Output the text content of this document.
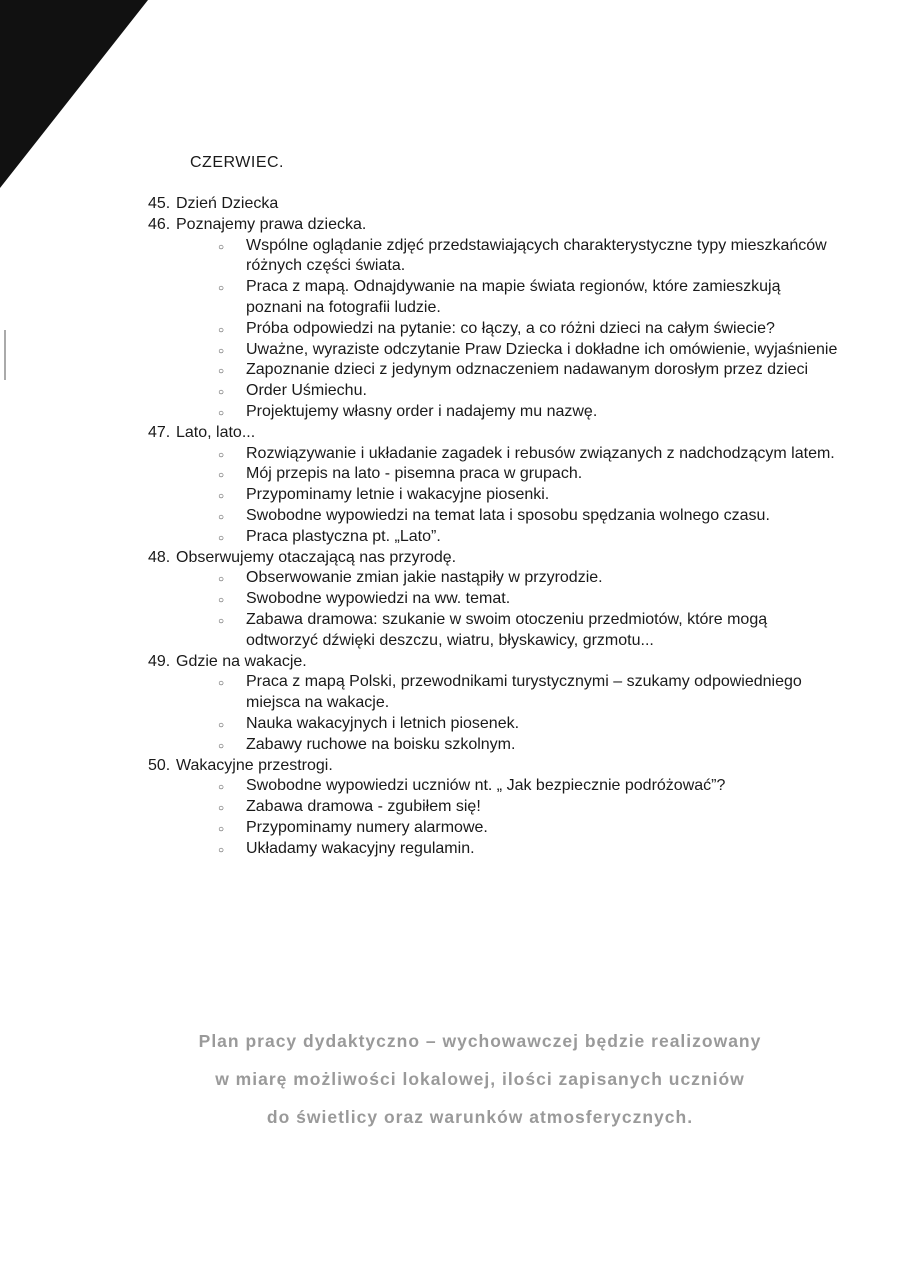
CZERWIEC.
45. Dzień Dziecka
46. Poznajemy prawa dziecka.
○ Wspólne oglądanie zdjęć przedstawiających charakterystyczne typy mieszkańców różnych części świata.
○ Praca z mapą. Odnajdywanie na mapie świata regionów, które zamieszkują poznani na fotografii ludzie.
○ Próba odpowiedzi na pytanie: co łączy, a co różni dzieci na całym świecie?
○ Uważne, wyraziste odczytanie Praw Dziecka i dokładne ich omówienie, wyjaśnienie
○ Zapoznanie dzieci z jedynym odznaczeniem nadawanym dorosłym przez dzieci
○ Order Uśmiechu.
○ Projektujemy własny order i nadajemy mu nazwę.
47. Lato, lato...
○ Rozwiązywanie i układanie zagadek i rebusów związanych z nadchodzącym latem.
○ Mój przepis na lato - pisemna praca w grupach.
○ Przypominamy letnie i wakacyjne piosenki.
○ Swobodne wypowiedzi na temat lata i sposobu spędzania wolnego czasu.
○ Praca plastyczna pt. „Lato”.
48. Obserwujemy otaczającą nas przyrodę.
○ Obserwowanie zmian jakie nastąpiły w przyrodzie.
○ Swobodne wypowiedzi na ww. temat.
○ Zabawa dramowa: szukanie w swoim otoczeniu przedmiotów, które mogą odtworzyć dźwięki deszczu, wiatru, błyskawicy, grzmotu...
49. Gdzie na wakacje.
○ Praca z mapą Polski, przewodnikami turystycznymi – szukamy odpowiedniego miejsca na wakacje.
○ Nauka wakacyjnych i letnich piosenek.
○ Zabawy ruchowe na boisku szkolnym.
50. Wakacyjne przestrogi.
○ Swobodne wypowiedzi uczniów nt. „ Jak bezpiecznie podróżować”?
○ Zabawa dramowa - zgubiłem się!
○ Przypominamy numery alarmowe.
○ Układamy wakacyjny regulamin.
Plan pracy dydaktyczno – wychowawczej będzie realizowany
w miarę możliwości lokalowej, ilości zapisanych uczniów
do świetlicy oraz warunków atmosferycznych.
